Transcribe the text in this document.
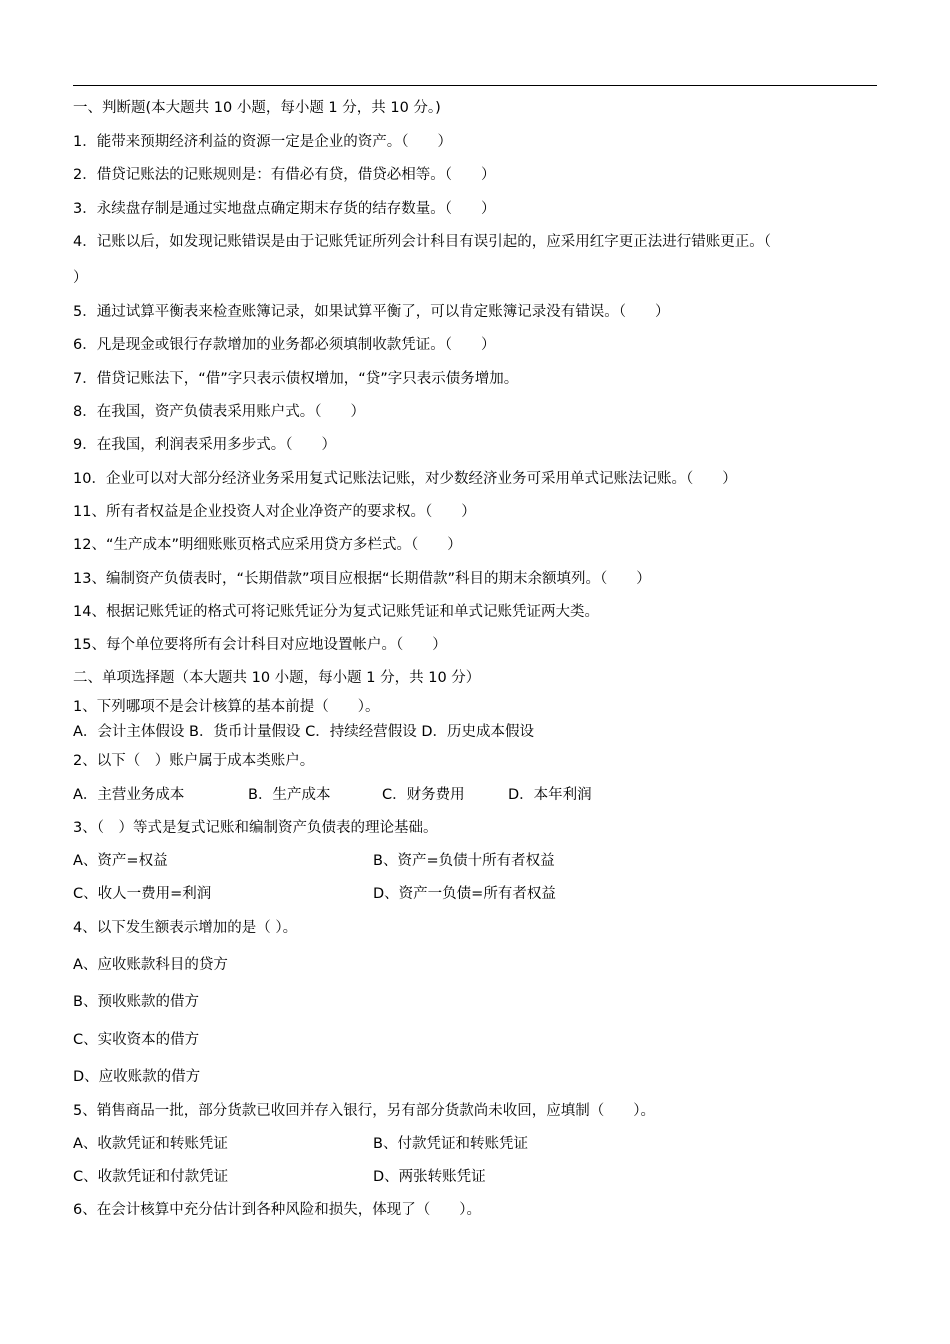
一、判断题(本大题共 10 小题，每小题 1 分，共 10 分。)
1．能带来预期经济利益的资源一定是企业的资产。（　　）
2．借贷记账法的记账规则是：有借必有贷，借贷必相等。（　　）
3．永续盘存制是通过实地盘点确定期末存货的结存数量。（　　）
4．记账以后，如发现记账错误是由于记账凭证所列会计科目有误引起的，应采用红字更正法进行错账更正。（
）
5．通过试算平衡表来检查账簿记录，如果试算平衡了，可以肯定账簿记录没有错误。（　　）
6．凡是现金或银行存款增加的业务都必须填制收款凭证。（　　）
7．借贷记账法下，“借”字只表示债权增加，“贷”字只表示债务增加。
8．在我国，资产负债表采用账户式。（　　）
9．在我国，利润表采用多步式。（　　）
10．企业可以对大部分经济业务采用复式记账法记账，对少数经济业务可采用单式记账法记账。（　　）
11、所有者权益是企业投资人对企业净资产的要求权。（　　）
12、“生产成本”明细账账页格式应采用贷方多栏式。（　　）
13、编制资产负债表时，“长期借款”项目应根据“长期借款”科目的期末余额填列。（　　）
14、根据记账凭证的格式可将记账凭证分为复式记账凭证和单式记账凭证两大类。
15、每个单位要将所有会计科目对应地设置帐户。（　　）
二、单项选择题（本大题共 10 小题，每小题 1 分，共 10 分）
1、下列哪项不是会计核算的基本前提（　　）。
A．会计主体假设 B．货币计量假设 C．持续经营假设 D．历史成本假设
2、以下（　）账户属于成本类账户。
A．主营业务成本	B．生产成本	C．财务费用	D．本年利润
3、（　）等式是复式记账和编制资产负债表的理论基础。
A、资产=权益	B、资产=负债十所有者权益
C、收人一费用=利润	D、资产一负债=所有者权益
4、以下发生额表示增加的是（ ）。
A、应收账款科目的贷方
B、预收账款的借方
C、实收资本的借方
D、应收账款的借方
5、销售商品一批，部分货款已收回并存入银行，另有部分货款尚未收回，应填制（　　）。
A、收款凭证和转账凭证	B、付款凭证和转账凭证
C、收款凭证和付款凭证	D、两张转账凭证
6、在会计核算中充分估计到各种风险和损失，体现了（　　）。
